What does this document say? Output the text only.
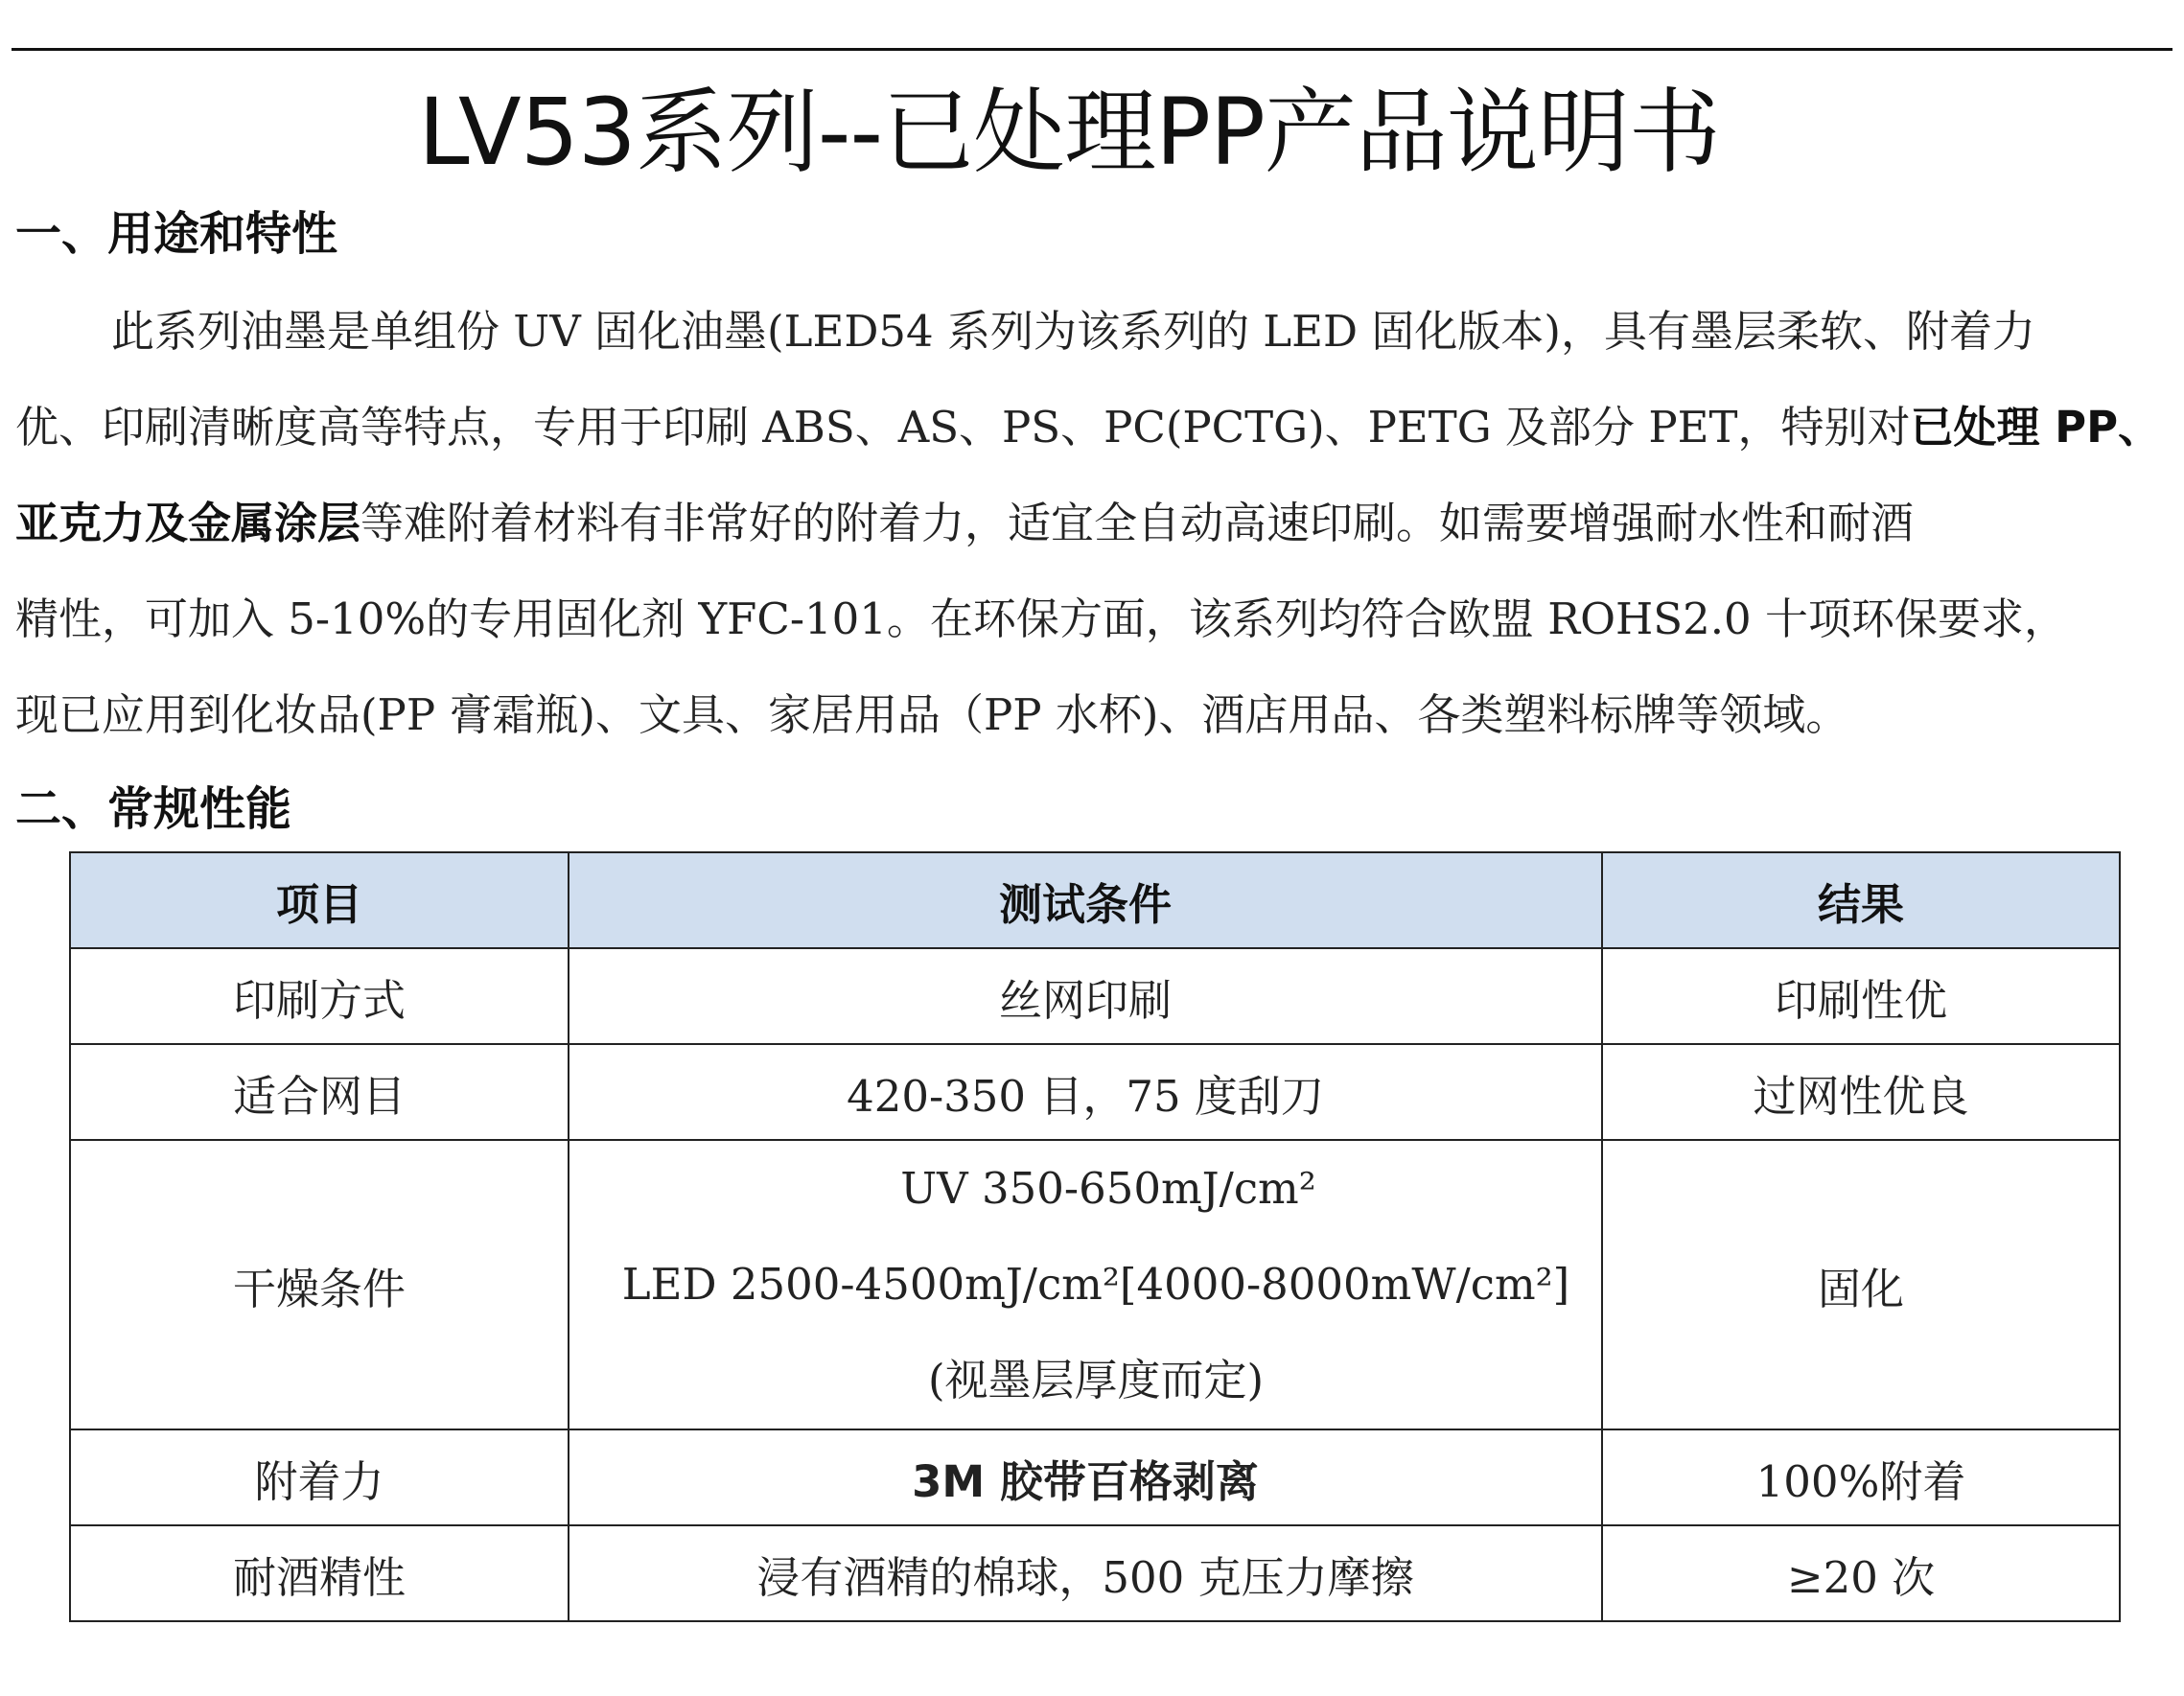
LV53系列--已处理PP产品说明书
一、用途和特性
此系列油墨是单组份 UV 固化油墨(LED54 系列为该系列的 LED 固化版本)，具有墨层柔软、附着力
优、印刷清晰度高等特点，专用于印刷 ABS、AS、PS、PC(PCTG)、PETG 及部分 PET，特别对已处理 PP、
亚克力及金属涂层等难附着材料有非常好的附着力，适宜全自动高速印刷。如需要增强耐水性和耐酒
精性，可加入 5-10%的专用固化剂 YFC-101。在环保方面，该系列均符合欧盟 ROHS2.0 十项环保要求，
现已应用到化妆品(PP 膏霜瓶)、文具、家居用品（PP 水杯)、酒店用品、各类塑料标牌等领域。
二、常规性能
项目	测试条件	结果
印刷方式	丝网印刷	印刷性优
适合网目	420-350 目，75 度刮刀	过网性优良
干燥条件	UV 350-650mJ/cm²
LED 2500-4500mJ/cm²[4000-8000mW/cm²]
(视墨层厚度而定)	固化
附着力	3M 胶带百格剥离	100%附着
耐酒精性	浸有酒精的棉球，500 克压力摩擦	≥20 次
